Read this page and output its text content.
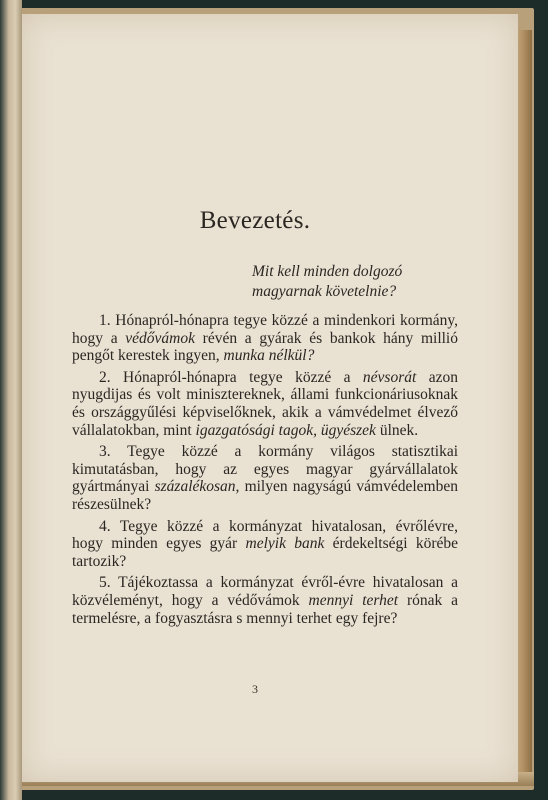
Bevezetés.
Mit kell minden dolgozó
magyarnak követelnie?

1. Hónapról-hónapra tegye közzé a mindenkori kormány, hogy a védővámok révén a gyárak és bankok hány millió pengőt kerestek ingyen, munka nélkül?

2. Hónapról-hónapra tegye közzé a névsorát azon nyugdijas és volt minisztereknek, állami funkcionáriusoknak és országgyűlési képviselőknek, akik a vámvédelmet élvező vállalatokban, mint igazgatósági tagok, ügyészek ülnek.

3. Tegye közzé a kormány világos statisztikai kimutatásban, hogy az egyes magyar gyárvállalatok gyártmányai százalékosan, milyen nagyságú vámvédelemben részesülnek?

4. Tegye közzé a kormányzat hivatalosan, évrőlévre, hogy minden egyes gyár melyik bank érdekeltségi körébe tartozik?

5. Tájékoztassa a kormányzat évről-évre hivatalosan a közvéleményt, hogy a védővámok mennyi terhet rónak a termelésre, a fogyasztásra s mennyi terhet egy fejre?

3
